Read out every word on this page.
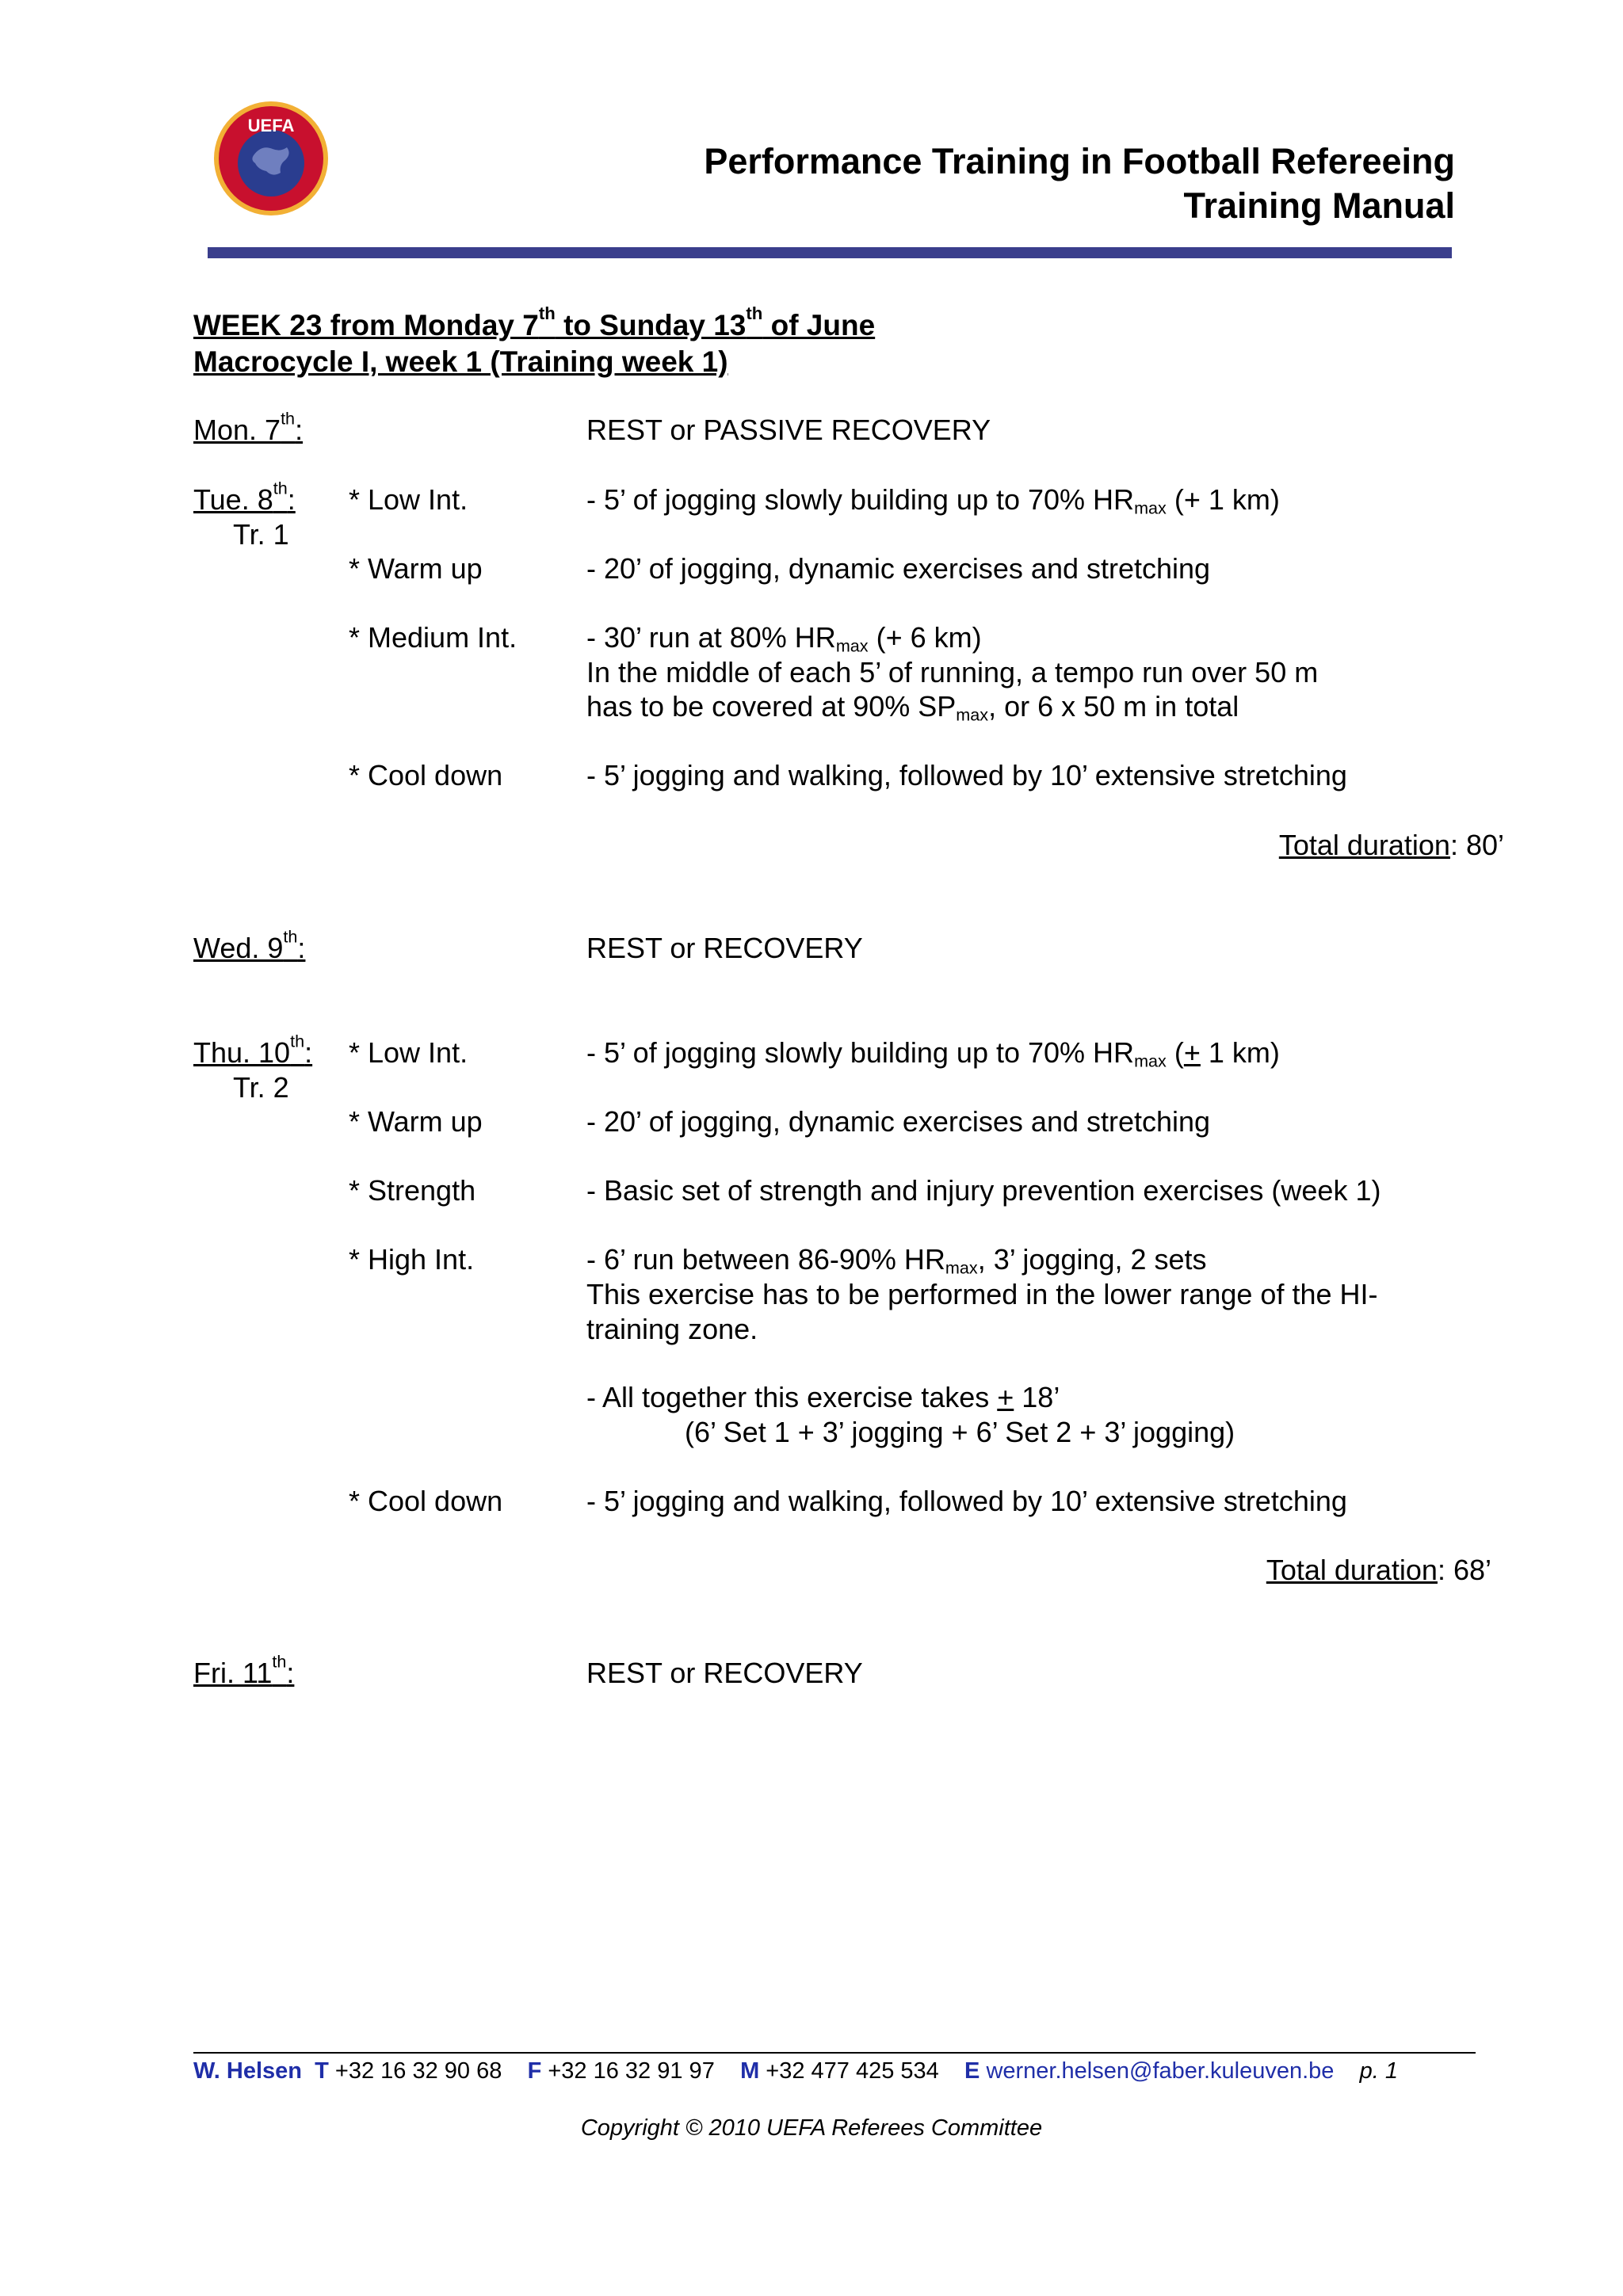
UEFA
Performance Training in Football Refereeing
Training Manual
WEEK 23 from Monday 7th to Sunday 13th of June
Macrocycle I, week 1 (Training week 1)
Mon. 7th:	REST or PASSIVE RECOVERY
Tue. 8th:
Tr. 1
* Low Int.	- 5’ of jogging slowly building up to 70% $HR_{max}$ (+ 1 km)
* Warm up	- 20’ of jogging, dynamic exercises and stretching
* Medium Int. - 30’ run at 80% $HR_{max}$ (+ 6 km)
In the middle of each 5’ of running, a tempo run over 50 m
has to be covered at 90% $SP_{max}$, or 6 x 50 m in total
* Cool down	- 5’ jogging and walking, followed by 10’ extensive stretching
Total duration: 80’
Wed. 9th:	REST or RECOVERY
Thu. 10th:
Tr. 2
* Low Int.	- 5’ of jogging slowly building up to 70% $HR_{max}$ (+ 1 km)
* Warm up	- 20’ of jogging, dynamic exercises and stretching
* Strength	- Basic set of strength and injury prevention exercises (week 1)
* High Int.	- 6’ run between 86-90% $HR_{max}$, 3’ jogging, 2 sets
This exercise has to be performed in the lower range of the HI-
training zone.
- All together this exercise takes + 18’
(6’ Set 1 + 3’ jogging + 6’ Set 2 + 3’ jogging)
* Cool down	- 5’ jogging and walking, followed by 10’ extensive stretching
Total duration: 68’
Fri. 11th:	REST or RECOVERY
W. Helsen T +32 16 32 90 68 F +32 16 32 91 97 M +32 477 425 534 E werner.helsen@faber.kuleuven.be p. 1
Copyright © 2010 UEFA Referees Committee
